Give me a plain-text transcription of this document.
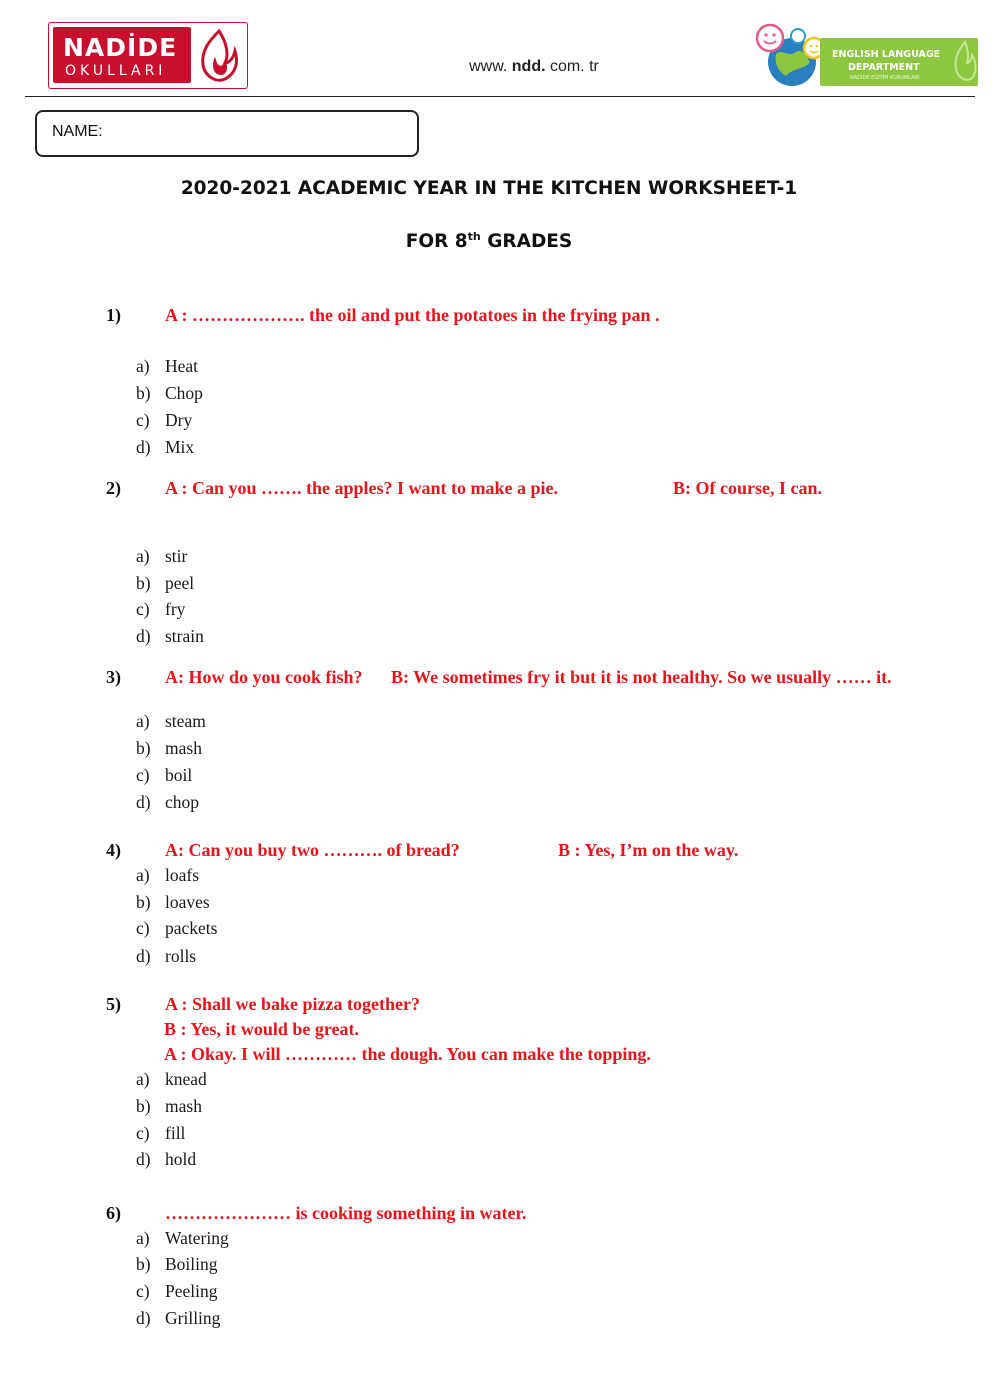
NADİDE
OKULLARI	www. ndd. com. tr
ENGLISH LANGUAGE
DEPARTMENT
NADİDE EĞİTİM KURUMLARI
NAME:
2020-2021 ACADEMIC YEAR IN THE KITCHEN WORKSHEET-1
FOR 8th GRADES
1) A : ………………. the oil and put the potatoes in the frying pan .
a) Heat
b) Chop
c) Dry
d) Mix
2) A : Can you ……. the apples? I want to make a pie.	B: Of course, I can.
a) stir
b) peel
c) fry
d) strain
3) A: How do you cook fish? B: We sometimes fry it but it is not healthy. So we usually …… it.
a) steam
b) mash
c) boil
d) chop
4) A: Can you buy two ………. of bread?	B : Yes, I’m on the way.
a) loafs
b) loaves
c) packets
d) rolls
5) A : Shall we bake pizza together?
B : Yes, it would be great.
A : Okay. I will ………… the dough. You can make the topping.
a) knead
b) mash
c) fill
d) hold
6) ………………… is cooking something in water.
a) Watering
b) Boiling
c) Peeling
d) Grilling
